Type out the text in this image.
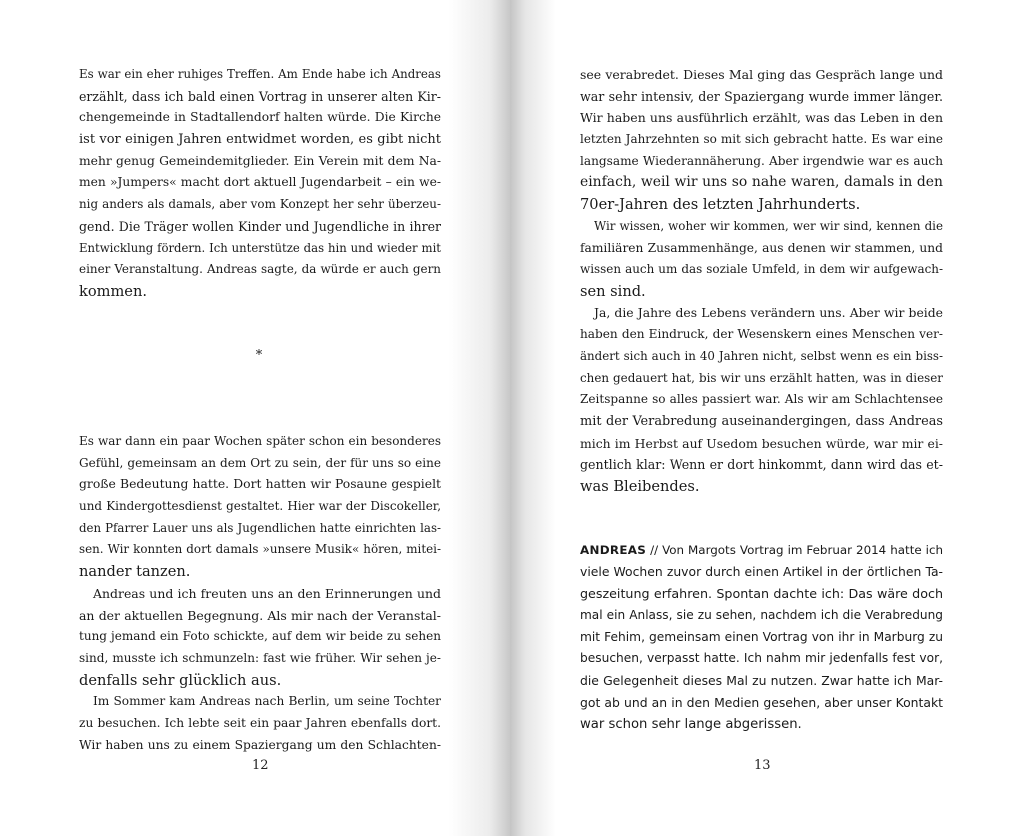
Es war ein eher ruhiges Treffen. Am Ende habe ich Andreas
erzählt, dass ich bald einen Vortrag in unserer alten Kir-
chengemeinde in Stadtallendorf halten würde. Die Kirche
ist vor einigen Jahren entwidmet worden, es gibt nicht
mehr genug Gemeindemitglieder. Ein Verein mit dem Na-
men »Jumpers« macht dort aktuell Jugendarbeit – ein we-
nig anders als damals, aber vom Konzept her sehr überzeu-
gend. Die Träger wollen Kinder und Jugendliche in ihrer
Entwicklung fördern. Ich unterstütze das hin und wieder mit
einer Veranstaltung. Andreas sagte, da würde er auch gern
kommen.
*
Es war dann ein paar Wochen später schon ein besonderes
Gefühl, gemeinsam an dem Ort zu sein, der für uns so eine
große Bedeutung hatte. Dort hatten wir Posaune gespielt
und Kindergottesdienst gestaltet. Hier war der Discokeller,
den Pfarrer Lauer uns als Jugendlichen hatte einrichten las-
sen. Wir konnten dort damals »unsere Musik« hören, mitei-
nander tanzen.
Andreas und ich freuten uns an den Erinnerungen und
an der aktuellen Begegnung. Als mir nach der Veranstal-
tung jemand ein Foto schickte, auf dem wir beide zu sehen
sind, musste ich schmunzeln: fast wie früher. Wir sehen je-
denfalls sehr glücklich aus.
Im Sommer kam Andreas nach Berlin, um seine Tochter
zu besuchen. Ich lebte seit ein paar Jahren ebenfalls dort.
Wir haben uns zu einem Spaziergang um den Schlachten-
12
see verabredet. Dieses Mal ging das Gespräch lange und
war sehr intensiv, der Spaziergang wurde immer länger.
Wir haben uns ausführlich erzählt, was das Leben in den
letzten Jahrzehnten so mit sich gebracht hatte. Es war eine
langsame Wiederannäherung. Aber irgendwie war es auch
einfach, weil wir uns so nahe waren, damals in den
70er-Jahren des letzten Jahrhunderts.
Wir wissen, woher wir kommen, wer wir sind, kennen die
familiären Zusammenhänge, aus denen wir stammen, und
wissen auch um das soziale Umfeld, in dem wir aufgewach-
sen sind.
Ja, die Jahre des Lebens verändern uns. Aber wir beide
haben den Eindruck, der Wesenskern eines Menschen ver-
ändert sich auch in 40 Jahren nicht, selbst wenn es ein biss-
chen gedauert hat, bis wir uns erzählt hatten, was in dieser
Zeitspanne so alles passiert war. Als wir am Schlachtensee
mit der Verabredung auseinandergingen, dass Andreas
mich im Herbst auf Usedom besuchen würde, war mir ei-
gentlich klar: Wenn er dort hinkommt, dann wird das et-
was Bleibendes.
ANDREAS // Von Margots Vortrag im Februar 2014 hatte ich
viele Wochen zuvor durch einen Artikel in der örtlichen Ta-
geszeitung erfahren. Spontan dachte ich: Das wäre doch
mal ein Anlass, sie zu sehen, nachdem ich die Verabredung
mit Fehim, gemeinsam einen Vortrag von ihr in Marburg zu
besuchen, verpasst hatte. Ich nahm mir jedenfalls fest vor,
die Gelegenheit dieses Mal zu nutzen. Zwar hatte ich Mar-
got ab und an in den Medien gesehen, aber unser Kontakt
war schon sehr lange abgerissen.
13
